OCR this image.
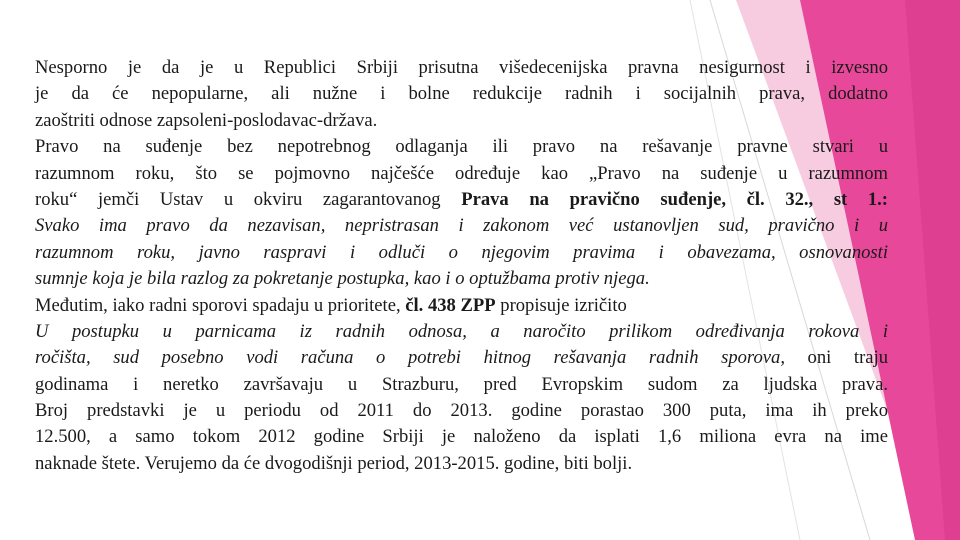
Nesporno je da je u Republici Srbiji prisutna višedecenijska pravna nesigurnost i izvesno
je da će nepopularne, ali nužne i bolne redukcije radnih i socijalnih prava, dodatno
zaoštriti odnose zapsoleni-poslodavac-država.
Pravo na suđenje bez nepotrebnog odlaganja ili pravo na rešavanje pravne stvari u
razumnom roku, što se pojmovno najčešće određuje kao „Pravo na suđenje u razumnom
roku“ jemči Ustav u okviru zagarantovanog Prava na pravično suđenje, čl. 32., st 1.:
Svako ima pravo da nezavisan, nepristrasan i zakonom već ustanovljen sud, pravično i u
razumnom roku, javno raspravi i odluči o njegovim pravima i obavezama, osnovanosti
sumnje koja je bila razlog za pokretanje postupka, kao i o optužbama protiv njega.
Međutim, iako radni sporovi spadaju u prioritete, čl. 438 ZPP propisuje izričito
U postupku u parnicama iz radnih odnosa, a naročito prilikom određivanja rokova i
ročišta, sud posebno vodi računa o potrebi hitnog rešavanja radnih sporova, oni traju
godinama i neretko završavaju u Strazburu, pred Evropskim sudom za ljudska prava.
Broj predstavki je u periodu od 2011 do 2013. godine porastao 300 puta, ima ih preko
12.500, a samo tokom 2012 godine Srbiji je naloženo da isplati 1,6 miliona evra na ime
naknade štete. Verujemo da će dvogodišnji period, 2013-2015. godine, biti bolji.
